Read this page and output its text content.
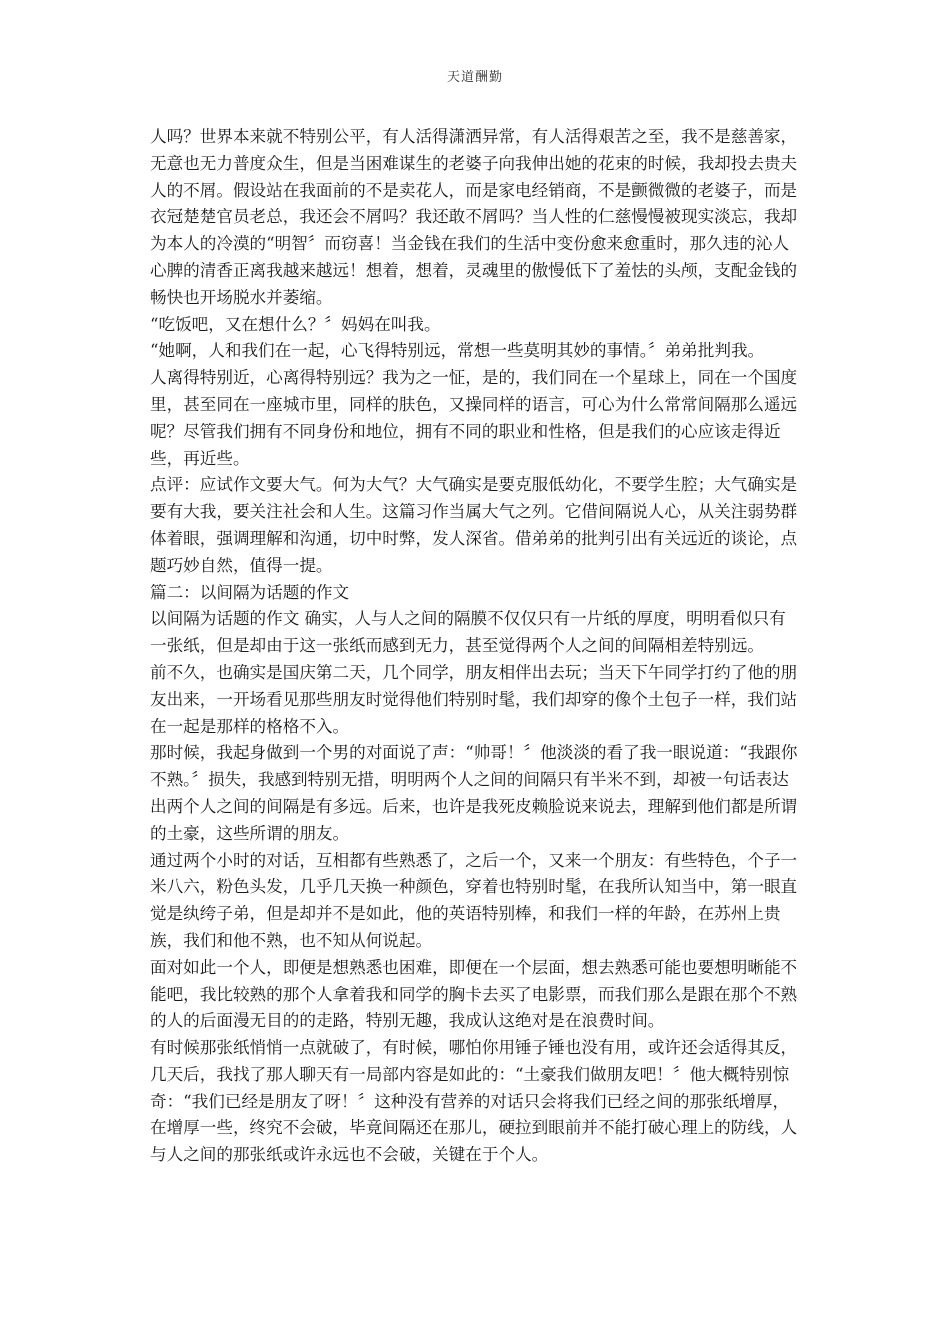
天道酬勤

人吗？世界本来就不特别公平，有人活得潇洒异常，有人活得艰苦之至，我不是慈善家，无意也无力普度众生，但是当困难谋生的老婆子向我伸出她的花束的时候，我却投去贵夫人的不屑。假设站在我面前的不是卖花人，而是家电经销商，不是颤微微的老婆子，而是衣冠楚楚官员老总，我还会不屑吗？我还敢不屑吗？当人性的仁慈慢慢被现实淡忘，我却为本人的冷漠的“明智〞而窃喜！当金钱在我们的生活中变份愈来愈重时，那久违的沁人心脾的清香正离我越来越远！想着，想着，灵魂里的傲慢低下了羞怯的头颅，支配金钱的畅快也开场脱水并萎缩。

“吃饭吧，又在想什么？〞妈妈在叫我。

“她啊，人和我们在一起，心飞得特别远，常想一些莫明其妙的事情。〞弟弟批判我。

人离得特别近，心离得特别远？我为之一怔，是的，我们同在一个星球上，同在一个国度里，甚至同在一座城市里，同样的肤色，又操同样的语言，可心为什么常常间隔那么遥远呢？尽管我们拥有不同身份和地位，拥有不同的职业和性格，但是我们的心应该走得近些，再近些。

点评：应试作文要大气。何为大气？大气确实是要克服低幼化，不要学生腔；大气确实是要有大我，要关注社会和人生。这篇习作当属大气之列。它借间隔说人心，从关注弱势群体着眼，强调理解和沟通，切中时弊，发人深省。借弟弟的批判引出有关远近的谈论，点题巧妙自然，值得一提。

篇二：以间隔为话题的作文

以间隔为话题的作文 确实，人与人之间的隔膜不仅仅只有一片纸的厚度，明明看似只有一张纸，但是却由于这一张纸而感到无力，甚至觉得两个人之间的间隔相差特别远。

前不久，也确实是国庆第二天，几个同学，朋友相伴出去玩；当天下午同学打约了他的朋友出来，一开场看见那些朋友时觉得他们特别时髦，我们却穿的像个土包子一样，我们站在一起是那样的格格不入。

那时候，我起身做到一个男的对面说了声：“帅哥！〞他淡淡的看了我一眼说道：“我跟你不熟。〞损失，我感到特别无措，明明两个人之间的间隔只有半米不到，却被一句话表达出两个人之间的间隔是有多远。后来，也许是我死皮赖脸说来说去，理解到他们都是所谓的土豪，这些所谓的朋友。

通过两个小时的对话，互相都有些熟悉了，之后一个，又来一个朋友：有些特色，个子一米八六，粉色头发，几乎几天换一种颜色，穿着也特别时髦，在我所认知当中，第一眼直觉是纨绔子弟，但是却并不是如此，他的英语特别棒，和我们一样的年龄，在苏州上贵族，我们和他不熟，也不知从何说起。

面对如此一个人，即便是想熟悉也困难，即便在一个层面，想去熟悉可能也要想明晰能不能吧，我比较熟的那个人拿着我和同学的胸卡去买了电影票，而我们那么是跟在那个不熟的人的后面漫无目的的走路，特别无趣，我成认这绝对是在浪费时间。

有时候那张纸悄悄一点就破了，有时候，哪怕你用锤子锤也没有用，或许还会适得其反，几天后，我找了那人聊天有一局部内容是如此的：“土豪我们做朋友吧！〞他大概特别惊奇：“我们已经是朋友了呀！〞这种没有营养的对话只会将我们已经之间的那张纸增厚，在增厚一些，终究不会破，毕竟间隔还在那儿，硬拉到眼前并不能打破心理上的防线，人与人之间的那张纸或许永远也不会破，关键在于个人。
